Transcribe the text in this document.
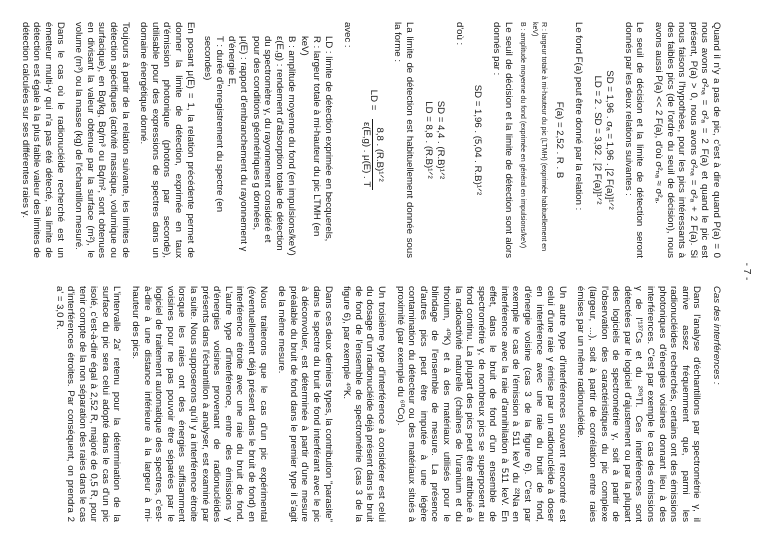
- 7 -

Quand il n'y a pas de pic, c'est à dire quand P(a) = 0 nous avons σ²ₙₐ = σ²ₐ = 2 F(a) et quand le pic est présent, P(a) > 0, nous avons σ²ₙₐ = σ²ₐ + 2 F(a). Si nous faisons l'hypothèse, pour les pics intéressants à des faibles pics (de l'ordre du seuil de décision), nous avons aussi P(a) << 2 F(a), d'où σ²ₙₐ ≈ σ²ₐ.

Le seuil de décision et la limite de détection seront donnés par les deux relations suivantes :

SD = 1,96 . σₐ = 1,96 . [2 F(a)]¹ᐟ²
LD = 2 . SD = 3,92 . [2 F(a)]¹ᐟ²

Le fond F(a) peut être donné par la relation :

F(a) = 2,52 . R . B
R : largeur totale à mi-hauteur du pic (LTMH) (exprimée habituellement en keV)
B : amplitude moyenne du fond (exprimée en général en impulsions/keV)

Le seuil de décision et la limite de détection sont alors donnés par :

SD = 1,96 . (5,04 . R.B)¹ᐟ²

d'où :

SD = 4,4 . (R.B)¹ᐟ²
LD = 8,8 . (R.B)¹ᐟ²

La limite de détection est habituellement donnée sous la forme :

LD =
8,8 . (R.B)¹ᐟ²
ε(E,g) . μ(E) . T

avec :

LD : limite de détection exprimée en becquerels,
R : largeur totale à mi-hauteur du pic LTMH (en keV)
B : amplitude moyenne du fond (en impulsions/keV)
ε(E,g) : rendement d'absorption totale de détection du spectromètre γ, du rayonnement considéré et pour des conditions géométriques g données,
μ(E) : rapport d'embranchement du rayonnement γ d'énergie E,
T : durée d'enregistrement du spectre (en secondes)

En posant μ(E) = 1, la relation précédente permet de donner la limite de détection, exprimée en taux d'émission photonique (photons par seconde), utilisable pour des expressions de spectres dans un domaine énergétique donné.

Toujours à partir de la relation suivante, les limites de détection spécifiques (activité massique, volumique ou surfacique), en Bq/kg, Bq/m³ ou Bq/m², sont obtenues en divisant la valeur obtenue par la surface (m²), le volume (m³) ou la masse (kg) de l'échantillon mesuré.

Dans le cas où le radionucléide recherché est un émetteur multi-γ qui n'a pas été détecté, sa limite de détection est égale à la plus faible valeur des limites de détection calculées sur ses différentes raies γ.

Cas des interférences :

Dans l'analyse d'échantillons par spectrométrie γ, il arrive assez fréquemment que, parmi les radionucléides recherchés, certains ont des émissions photoniques d'énergies voisines donnant lieu à des interférences. C'est par exemple le cas des émissions γ de l'¹³⁷Cs et du ²⁰⁸Tl. Ces interférences sont détectées par le logiciel d'ajustement ou par la plupart des logiciels de spectrométrie γ, soit à partir de l'observation des caractéristiques du pic complexe (largeur, ...), soit à partir de corrélation entre raies émises par un même radionucléide.

Un autre type d'interférences souvent rencontré est celui d'une raie γ émise par un radionucléide à doser en interférence avec une raie du bruit de fond, d'énergie voisine (cas 3 de la figure 6). C'est par exemple le cas de l'émission à 511 keV du ²²Na en interférence avec la raie d'annihilation à 511 keV. En effet, dans le bruit de fond d'un ensemble de spectrométrie γ, de nombreux pics se superposent au fond continu. La plupart des pics peut être attribuée à la radioactivité naturelle (chaînes de l'uranium et du thorium, ⁴⁰K) et à des matériaux utilisés pour le blindage de l'ensemble de mesure. La présence d'autres pics peut être imputée à une légère contamination du détecteur ou des matériaux situés à proximité (par exemple du ⁶⁰Co).

Un troisième type d'interférence à considérer est celui du dosage d'un radionucléide déjà présent dans le bruit de fond de l'ensemble de spectrométrie (cas 3 de la figure 6), par exemple ⁴⁰K.

Dans ces deux derniers types, la contribution "parasite" dans le spectre du bruit de fond interférant avec le pic à déconvoluer, est déterminée à partir d'une mesure préalable du bruit de fond dans le premier type il s'agit de la même mesure.

Nous traiterons que le cas d'un pic expérimental (éventuellement déjà présent dans le bruit de fond) en interférence étroite avec une raie du bruit de fond. L'autre type d'interférence, entre des émissions γ d'énergies voisines provenant de radionucléides présents dans l'échantillon à analyser, est examiné par la suite. Nous supposerons qu'il y a interférence étroite lorsque les raies ont des énergies suffisamment voisines pour ne pas pouvoir être séparées par le logiciel de traitement automatique des spectres, c'est-à-dire à une distance inférieure à la largeur à mi-hauteur des pics.

L'intervalle 2a' retenu pour la détermination de la surface du pic sera celui adopté dans le cas d'un pic isolé, c'est-à-dire égal à 2,52 R, majoré de 0,5 R, pour tenir compte de la non séparation des raies dans le cas d'interférences étroites. Par conséquent, on prendra 2 a' = 3,0 R.
